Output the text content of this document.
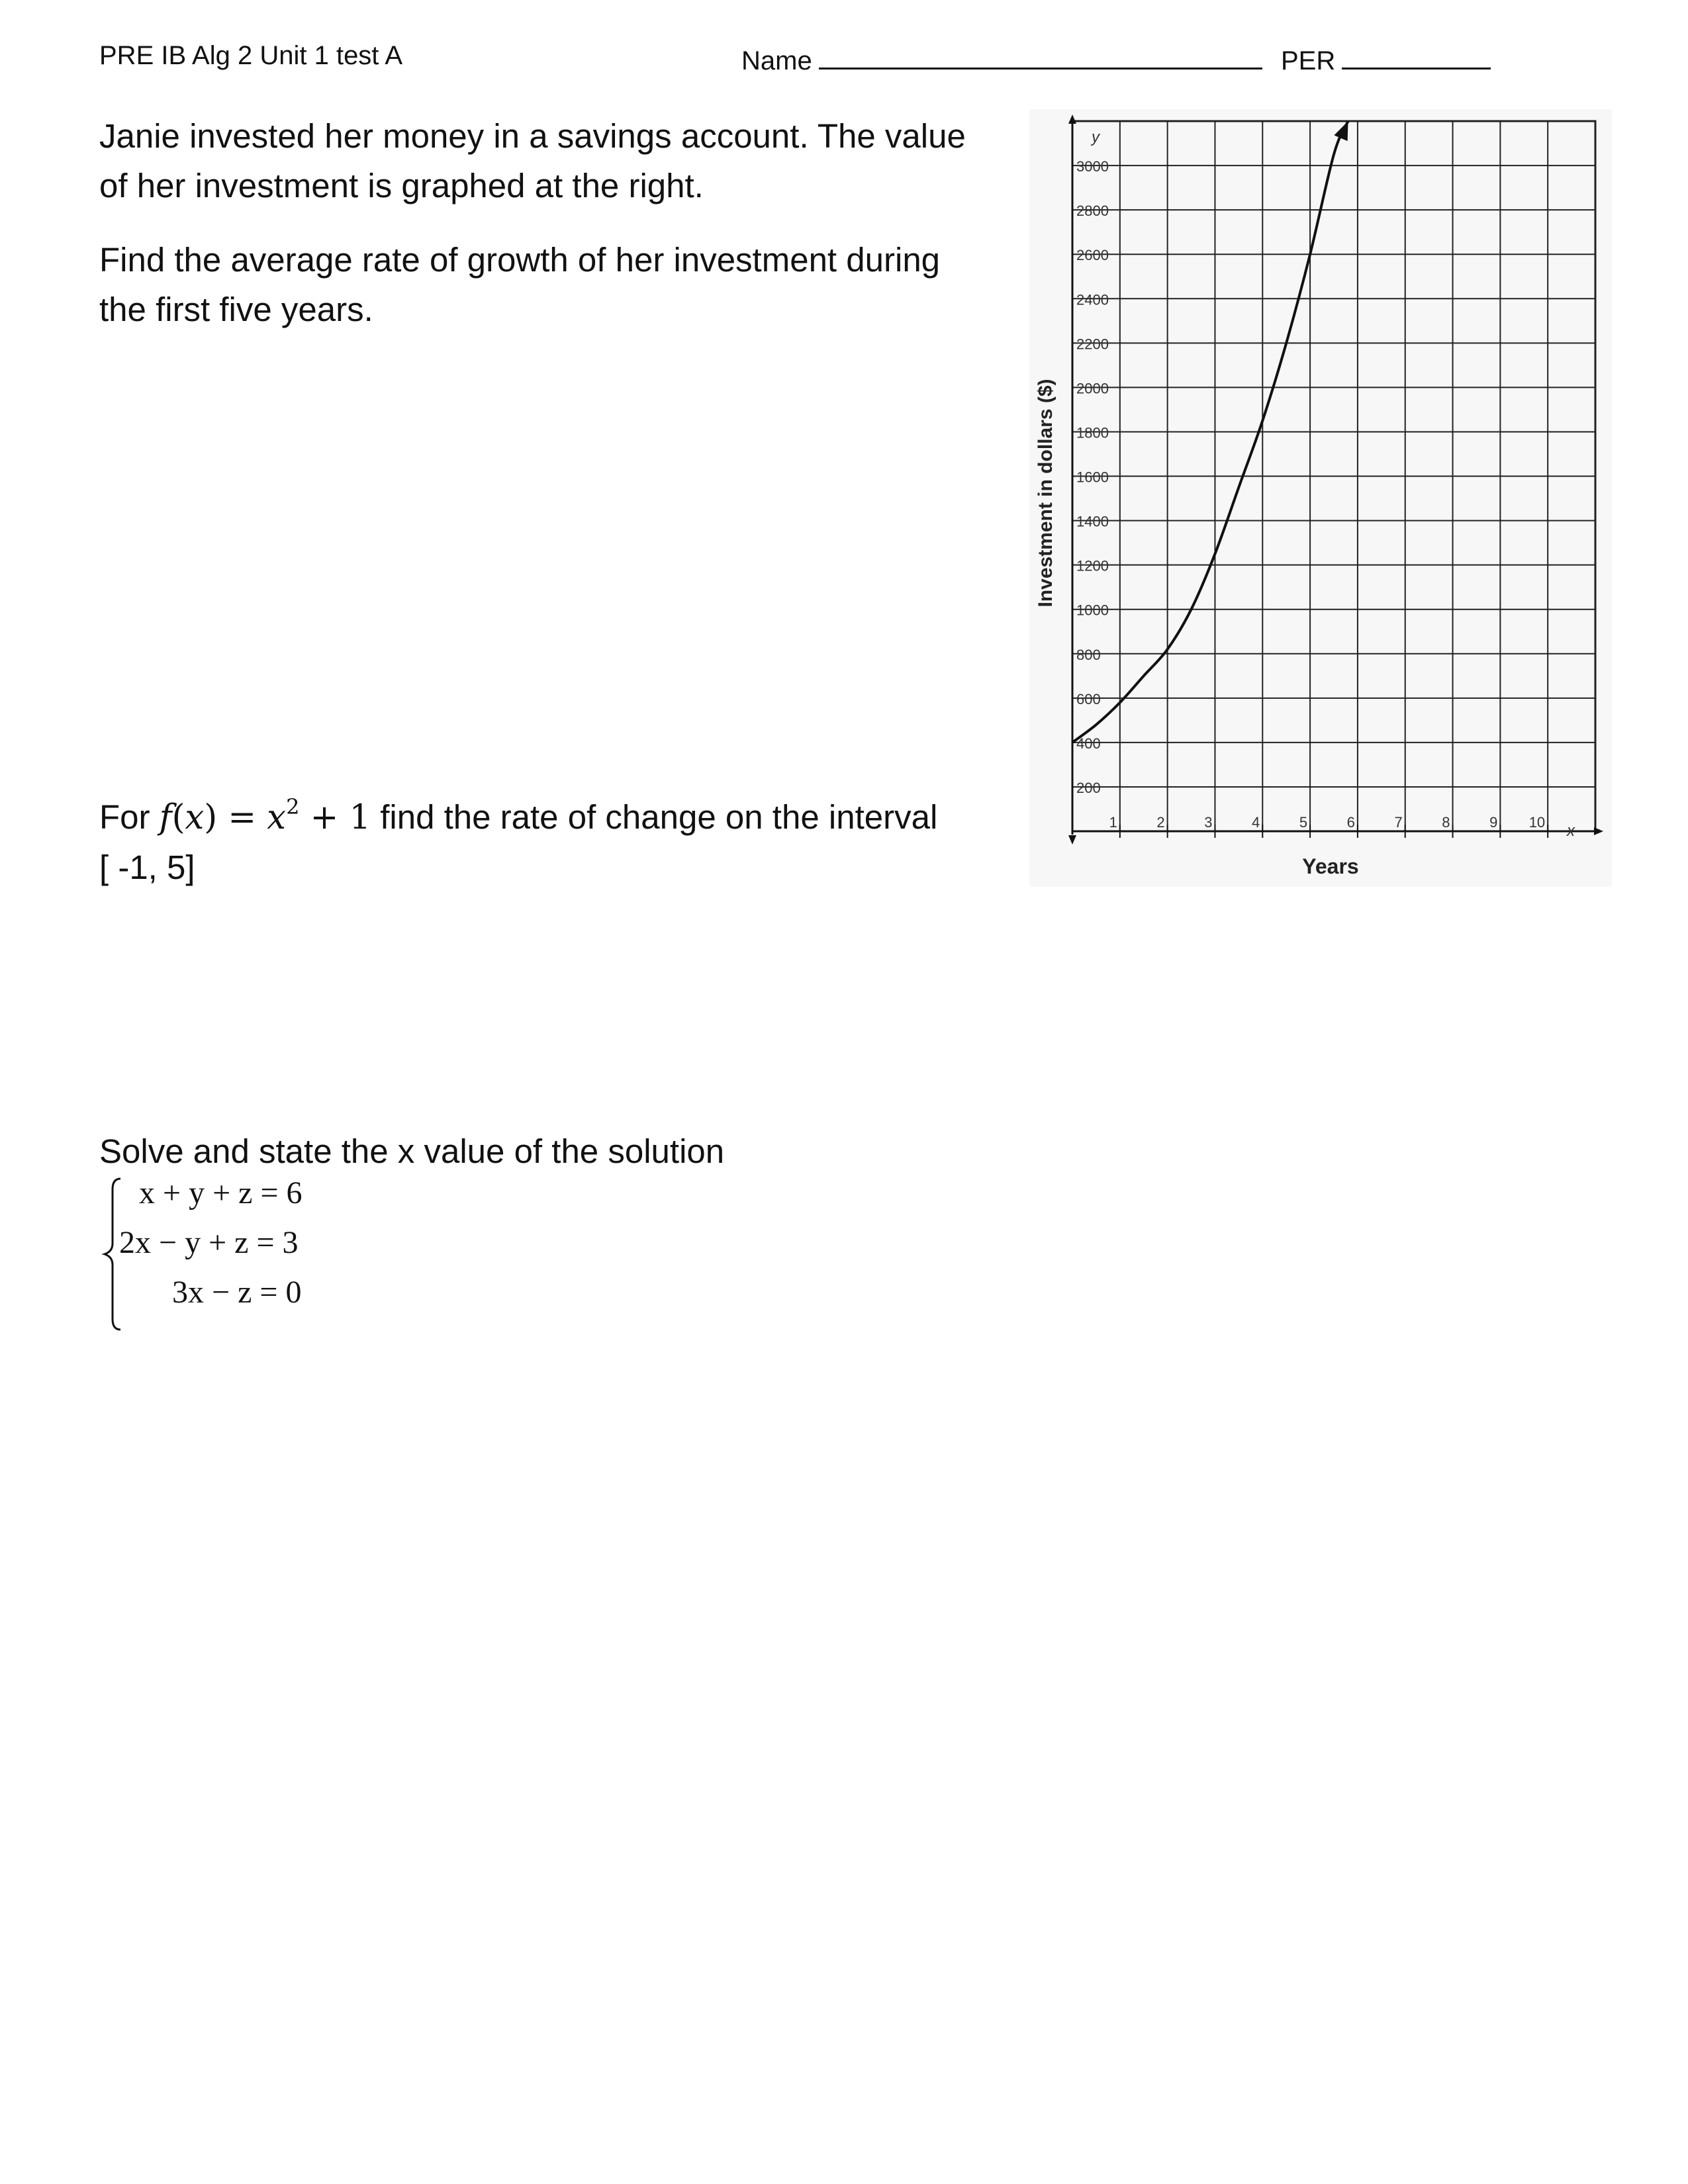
PRE IB Alg 2 Unit 1 test A	Name	PER
Janie invested her money in a savings account. The value
of her investment is graphed at the right.
Find the average rate of growth of her investment during
the first five years.
For $f(x) = x^2 + 1$ find the rate of change on the interval
[ -1, 5]
Solve and state the x value of the solution
x + y + z = 6
2x − y + z = 3
3x − z = 0
200
400
600
800
1000
1200
1400
1600
1800
2000
2200
2400
2600
2800
3000
1	2	3	4	5	6	7	8	9 10
Investment in dollars ($)
Years
y
x
